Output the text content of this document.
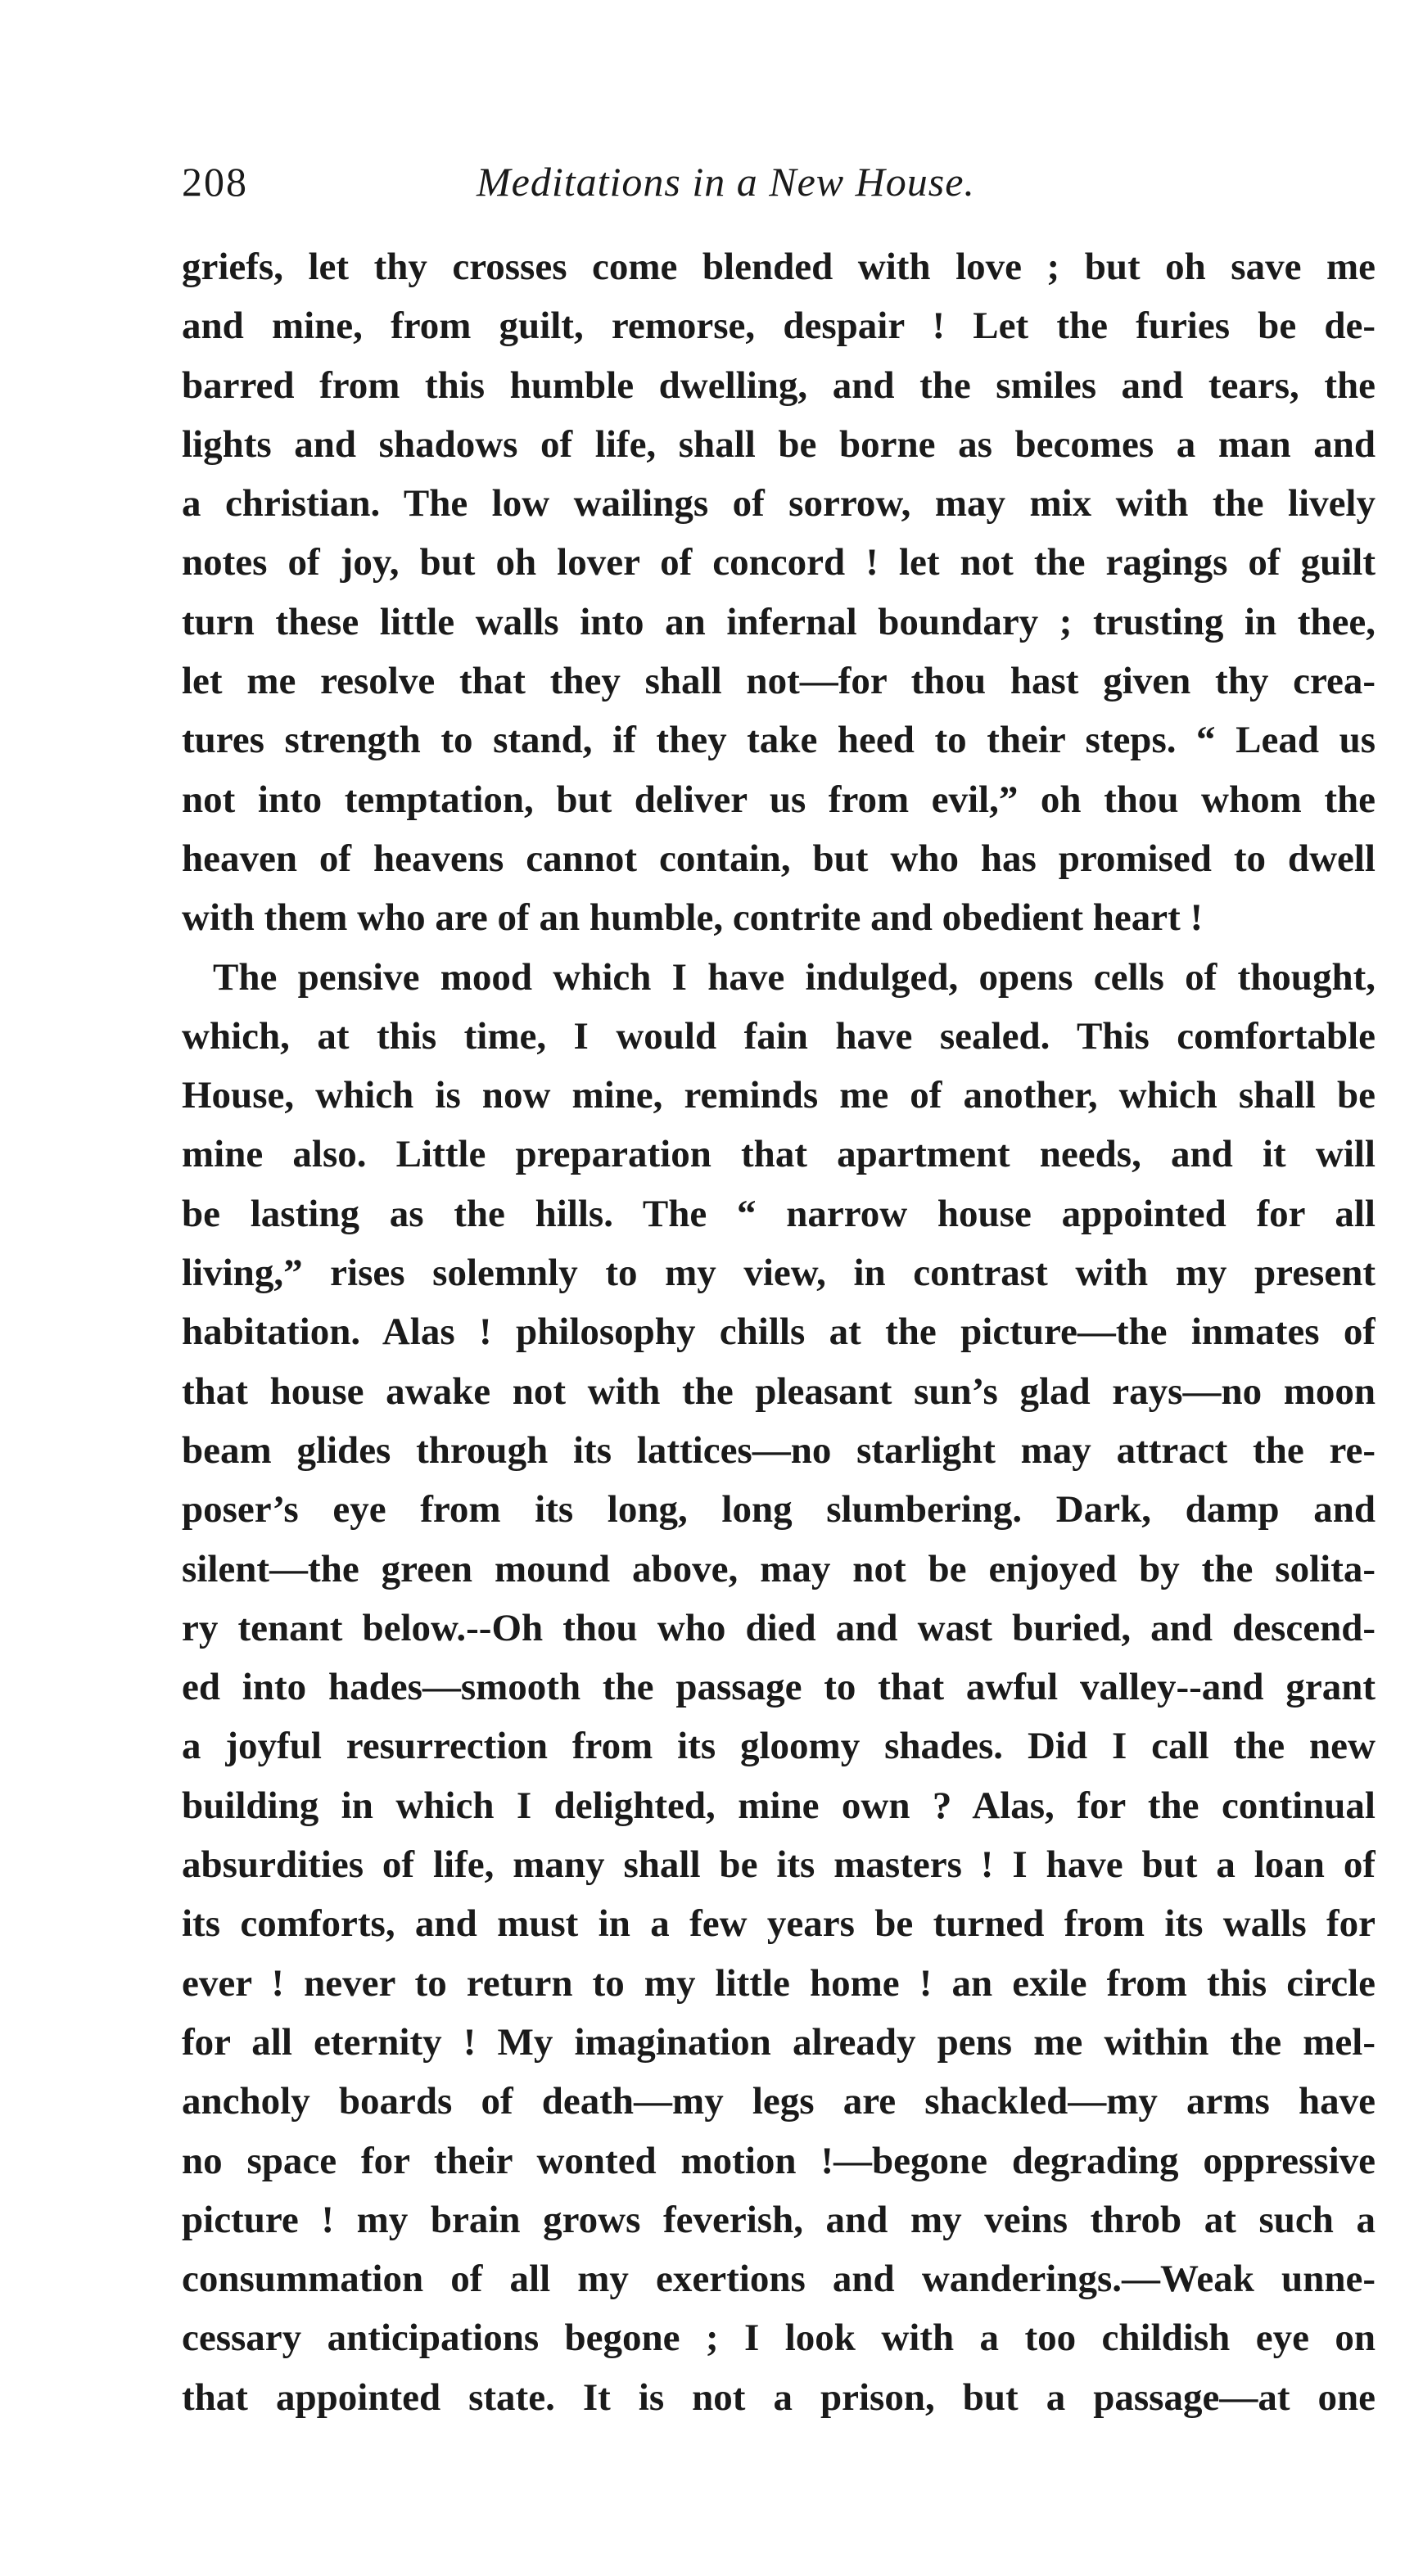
208	Meditations in a New House.
griefs, let thy crosses come blended with love ; but oh save me
and mine, from guilt, remorse, despair ! Let the furies be de-
barred from this humble dwelling, and the smiles and tears, the
lights and shadows of life, shall be borne as becomes a man and
a christian. The low wailings of sorrow, may mix with the lively
notes of joy, but oh lover of concord ! let not the ragings of guilt
turn these little walls into an infernal boundary ; trusting in thee,
let me resolve that they shall not—for thou hast given thy crea-
tures strength to stand, if they take heed to their steps. “ Lead us
not into temptation, but deliver us from evil,” oh thou whom the
heaven of heavens cannot contain, but who has promised to dwell
with them who are of an humble, contrite and obedient heart !
The pensive mood which I have indulged, opens cells of thought,
which, at this time, I would fain have sealed. This comfortable
House, which is now mine, reminds me of another, which shall be
mine also. Little preparation that apartment needs, and it will
be lasting as the hills. The “ narrow house appointed for all
living,” rises solemnly to my view, in contrast with my present
habitation. Alas ! philosophy chills at the picture—the inmates of
that house awake not with the pleasant sun’s glad rays—no moon
beam glides through its lattices—no starlight may attract the re-
poser’s eye from its long, long slumbering. Dark, damp and
silent—the green mound above, may not be enjoyed by the solita-
ry tenant below.--Oh thou who died and wast buried, and descend-
ed into hades—smooth the passage to that awful valley--and grant
a joyful resurrection from its gloomy shades. Did I call the new
building in which I delighted, mine own ? Alas, for the continual
absurdities of life, many shall be its masters ! I have but a loan of
its comforts, and must in a few years be turned from its walls for
ever ! never to return to my little home ! an exile from this circle
for all eternity ! My imagination already pens me within the mel-
ancholy boards of death—my legs are shackled—my arms have
no space for their wonted motion !—begone degrading oppressive
picture ! my brain grows feverish, and my veins throb at such a
consummation of all my exertions and wanderings.—Weak unne-
cessary anticipations begone ; I look with a too childish eye on
that appointed state. It is not a prison, but a passage—at one
